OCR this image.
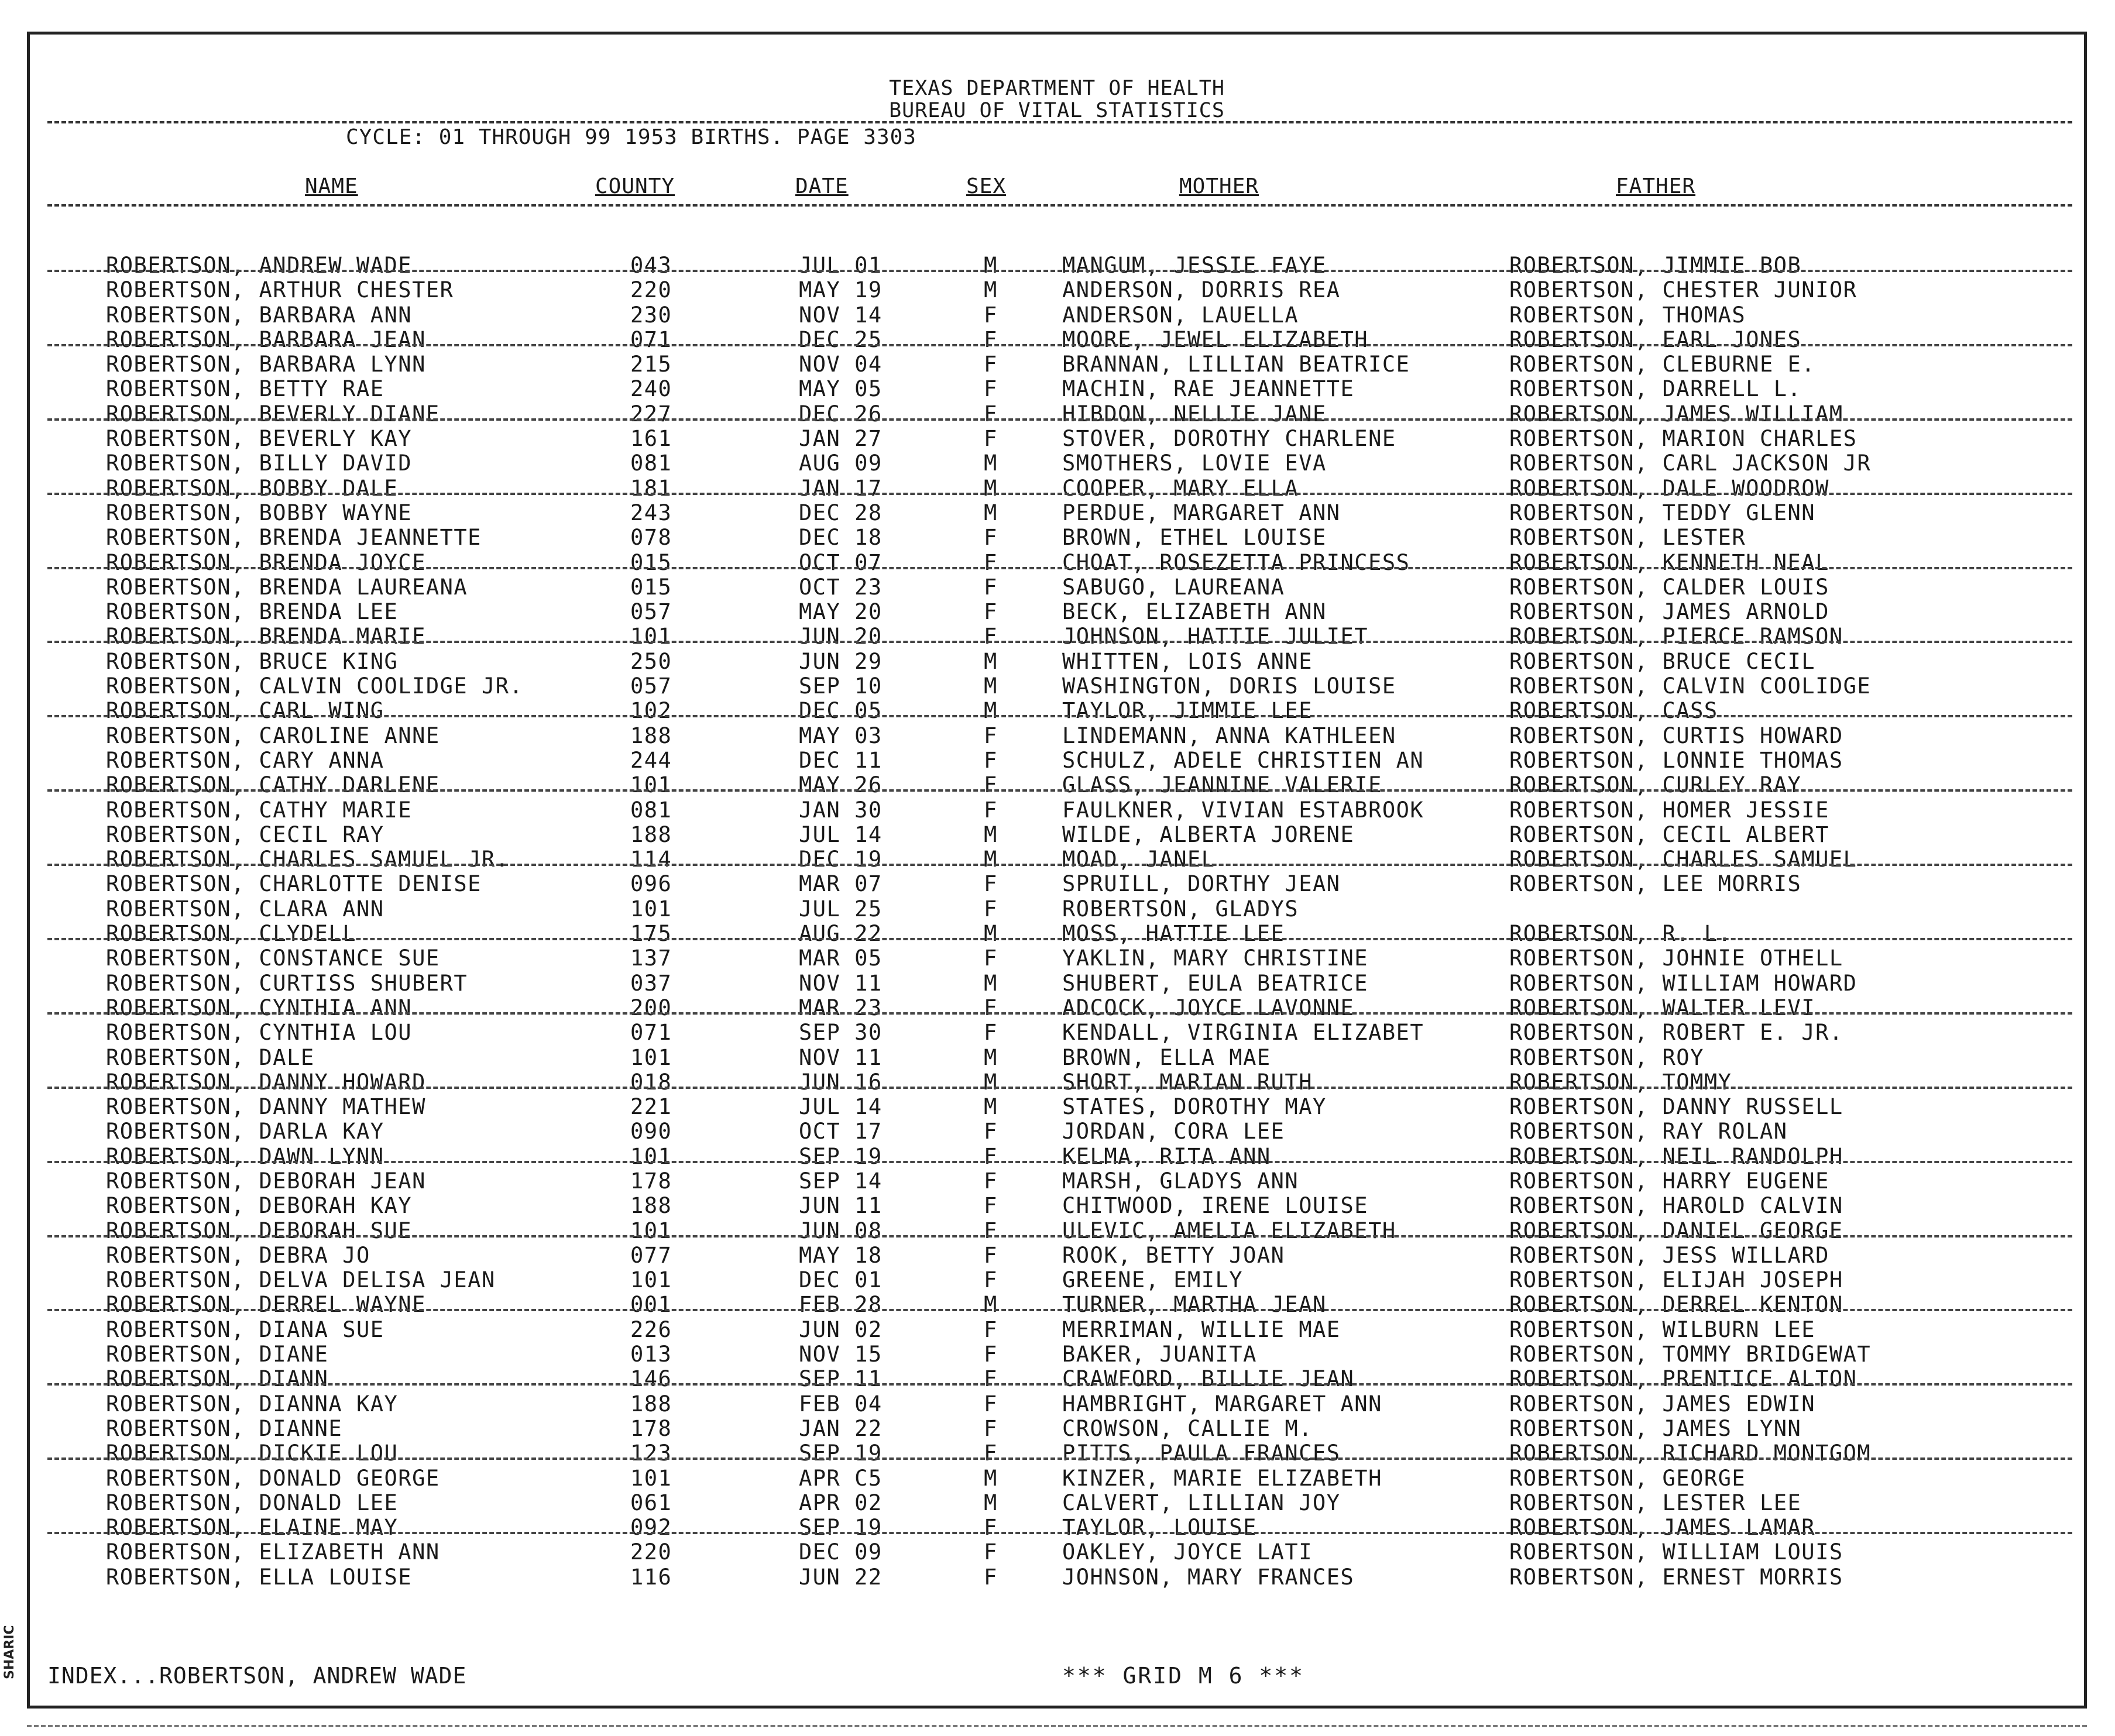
TEXAS DEPARTMENT OF HEALTH
BUREAU OF VITAL STATISTICS
CYCLE: 01 THROUGH 99 1953 BIRTHS. PAGE 3303
NAME	COUNTY	DATE	SEX	MOTHER	FATHER
ROBERTSON, ANDREW WADE	043	JUL 01	M	MANGUM, JESSIE FAYE	ROBERTSON, JIMMIE BOB
ROBERTSON, ARTHUR CHESTER	220	MAY 19	M	ANDERSON, DORRIS REA	ROBERTSON, CHESTER JUNIOR
ROBERTSON, BARBARA ANN	230	NOV 14	F	ANDERSON, LAUELLA	ROBERTSON, THOMAS
ROBERTSON, BARBARA JEAN	071	DEC 25	F	MOORE, JEWEL ELIZABETH	ROBERTSON, EARL JONES
ROBERTSON, BARBARA LYNN	215	NOV 04	F	BRANNAN, LILLIAN BEATRICE	ROBERTSON, CLEBURNE E.
ROBERTSON, BETTY RAE	240	MAY 05	F	MACHIN, RAE JEANNETTE	ROBERTSON, DARRELL L.
ROBERTSON, BEVERLY DIANE	227	DEC 26	F	HIBDON, NELLIE JANE	ROBERTSON, JAMES WILLIAM
ROBERTSON, BEVERLY KAY	161	JAN 27	F	STOVER, DOROTHY CHARLENE	ROBERTSON, MARION CHARLES
ROBERTSON, BILLY DAVID	081	AUG 09	M	SMOTHERS, LOVIE EVA	ROBERTSON, CARL JACKSON JR
ROBERTSON, BOBBY DALE	181	JAN 17	M	COOPER, MARY ELLA	ROBERTSON, DALE WOODROW
ROBERTSON, BOBBY WAYNE	243	DEC 28	M	PERDUE, MARGARET ANN	ROBERTSON, TEDDY GLENN
ROBERTSON, BRENDA JEANNETTE	078	DEC 18	F	BROWN, ETHEL LOUISE	ROBERTSON, LESTER
ROBERTSON, BRENDA JOYCE	015	OCT 07	F	CHOAT, ROSEZETTA PRINCESS	ROBERTSON, KENNETH NEAL
ROBERTSON, BRENDA LAUREANA	015	OCT 23	F	SABUGO, LAUREANA	ROBERTSON, CALDER LOUIS
ROBERTSON, BRENDA LEE	057	MAY 20	F	BECK, ELIZABETH ANN	ROBERTSON, JAMES ARNOLD
ROBERTSON, BRENDA MARIE	101	JUN 20	F	JOHNSON, HATTIE JULIET	ROBERTSON, PIERCE RAMSON
ROBERTSON, BRUCE KING	250	JUN 29	M	WHITTEN, LOIS ANNE	ROBERTSON, BRUCE CECIL
ROBERTSON, CALVIN COOLIDGE JR.	057	SEP 10	M	WASHINGTON, DORIS LOUISE	ROBERTSON, CALVIN COOLIDGE
ROBERTSON, CARL WING	102	DEC 05	M	TAYLOR, JIMMIE LEE	ROBERTSON, CASS
ROBERTSON, CAROLINE ANNE	188	MAY 03	F	LINDEMANN, ANNA KATHLEEN	ROBERTSON, CURTIS HOWARD
ROBERTSON, CARY ANNA	244	DEC 11	F	SCHULZ, ADELE CHRISTIEN AN	ROBERTSON, LONNIE THOMAS
ROBERTSON, CATHY DARLENE	101	MAY 26	F	GLASS, JEANNINE VALERIE	ROBERTSON, CURLEY RAY
ROBERTSON, CATHY MARIE	081	JAN 30	F	FAULKNER, VIVIAN ESTABROOK	ROBERTSON, HOMER JESSIE
ROBERTSON, CECIL RAY	188	JUL 14	M	WILDE, ALBERTA JORENE	ROBERTSON, CECIL ALBERT
ROBERTSON, CHARLES SAMUEL JR.	114	DEC 19	M	MOAD, JANEL	ROBERTSON, CHARLES SAMUEL
ROBERTSON, CHARLOTTE DENISE	096	MAR 07	F	SPRUILL, DORTHY JEAN	ROBERTSON, LEE MORRIS
ROBERTSON, CLARA ANN	101	JUL 25	F	ROBERTSON, GLADYS
ROBERTSON, CLYDELL	175	AUG 22	M	MOSS, HATTIE LEE	ROBERTSON, R. L.
ROBERTSON, CONSTANCE SUE	137	MAR 05	F	YAKLIN, MARY CHRISTINE	ROBERTSON, JOHNIE OTHELL
ROBERTSON, CURTISS SHUBERT	037	NOV 11	M	SHUBERT, EULA BEATRICE	ROBERTSON, WILLIAM HOWARD
ROBERTSON, CYNTHIA ANN	200	MAR 23	F	ADCOCK, JOYCE LAVONNE	ROBERTSON, WALTER LEVI
ROBERTSON, CYNTHIA LOU	071	SEP 30	F	KENDALL, VIRGINIA ELIZABET	ROBERTSON, ROBERT E. JR.
ROBERTSON, DALE	101	NOV 11	M	BROWN, ELLA MAE	ROBERTSON, ROY
ROBERTSON, DANNY HOWARD	018	JUN 16	M	SHORT, MARIAN RUTH	ROBERTSON, TOMMY
ROBERTSON, DANNY MATHEW	221	JUL 14	M	STATES, DOROTHY MAY	ROBERTSON, DANNY RUSSELL
ROBERTSON, DARLA KAY	090	OCT 17	F	JORDAN, CORA LEE	ROBERTSON, RAY ROLAN
ROBERTSON, DAWN LYNN	101	SEP 19	F	KELMA, RITA ANN	ROBERTSON, NEIL RANDOLPH
ROBERTSON, DEBORAH JEAN	178	SEP 14	F	MARSH, GLADYS ANN	ROBERTSON, HARRY EUGENE
ROBERTSON, DEBORAH KAY	188	JUN 11	F	CHITWOOD, IRENE LOUISE	ROBERTSON, HAROLD CALVIN
ROBERTSON, DEBORAH SUE	101	JUN 08	F	ULEVIC, AMELIA ELIZABETH	ROBERTSON, DANIEL GEORGE
ROBERTSON, DEBRA JO	077	MAY 18	F	ROOK, BETTY JOAN	ROBERTSON, JESS WILLARD
ROBERTSON, DELVA DELISA JEAN	101	DEC 01	F	GREENE, EMILY	ROBERTSON, ELIJAH JOSEPH
ROBERTSON, DERREL WAYNE	001	FEB 28	M	TURNER, MARTHA JEAN	ROBERTSON, DERREL KENTON
ROBERTSON, DIANA SUE	226	JUN 02	F	MERRIMAN, WILLIE MAE	ROBERTSON, WILBURN LEE
ROBERTSON, DIANE	013	NOV 15	F	BAKER, JUANITA	ROBERTSON, TOMMY BRIDGEWAT
ROBERTSON, DIANN	146	SEP 11	F	CRAWFORD, BILLIE JEAN	ROBERTSON, PRENTICE ALTON
ROBERTSON, DIANNA KAY	188	FEB 04	F	HAMBRIGHT, MARGARET ANN	ROBERTSON, JAMES EDWIN
ROBERTSON, DIANNE	178	JAN 22	F	CROWSON, CALLIE M.	ROBERTSON, JAMES LYNN
ROBERTSON, DICKIE LOU	123	SEP 19	F	PITTS, PAULA FRANCES	ROBERTSON, RICHARD MONTGOM
ROBERTSON, DONALD GEORGE	101	APR C5	M	KINZER, MARIE ELIZABETH	ROBERTSON, GEORGE
ROBERTSON, DONALD LEE	061	APR 02	M	CALVERT, LILLIAN JOY	ROBERTSON, LESTER LEE
ROBERTSON, ELAINE MAY	092	SEP 19	F	TAYLOR, LOUISE	ROBERTSON, JAMES LAMAR
ROBERTSON, ELIZABETH ANN	220	DEC 09	F	OAKLEY, JOYCE LATI	ROBERTSON, WILLIAM LOUIS
ROBERTSON, ELLA LOUISE	116	JUN 22	F	JOHNSON, MARY FRANCES	ROBERTSON, ERNEST MORRIS
INDEX...ROBERTSON, ANDREW WADE	*** GRID M 6 ***
SHARIC
